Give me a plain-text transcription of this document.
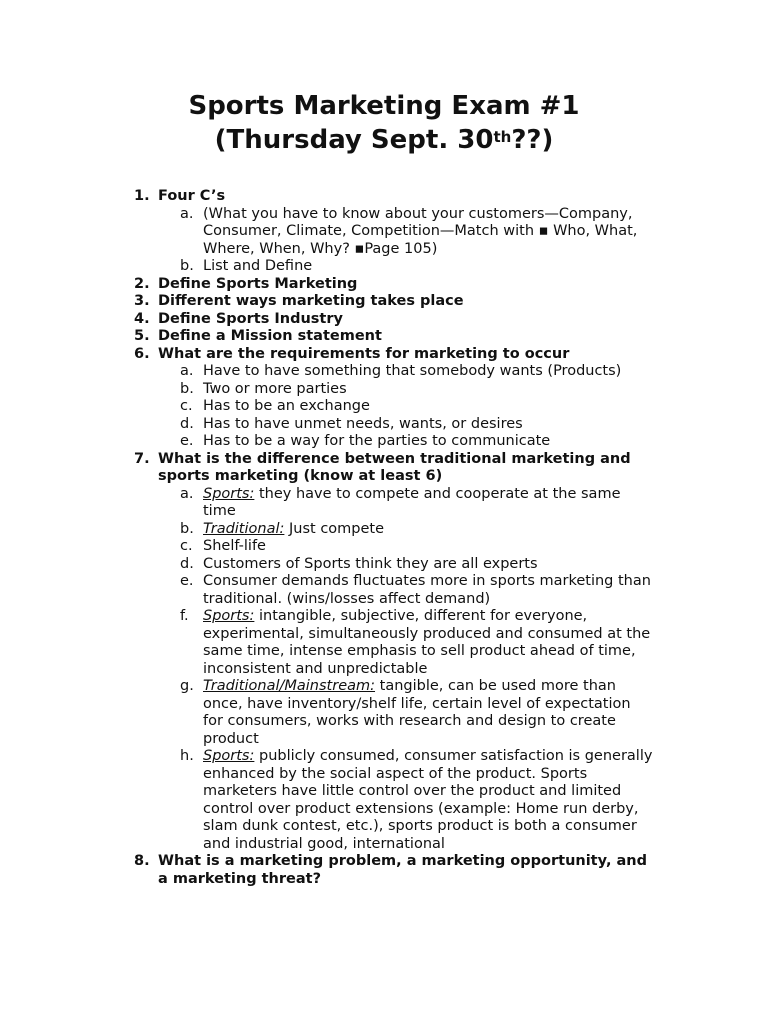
Sports Marketing Exam #1
(Thursday Sept. 30th??)
1. Four C’s
a. (What you have to know about your customers—Company, Consumer, Climate, Competition—Match with ▪ Who, What, Where, When, Why? ▪Page 105)
b. List and Define
2. Define Sports Marketing
3. Different ways marketing takes place
4. Define Sports Industry
5. Define a Mission statement
6. What are the requirements for marketing to occur
a. Have to have something that somebody wants (Products)
b. Two or more parties
c. Has to be an exchange
d. Has to have unmet needs, wants, or desires
e. Has to be a way for the parties to communicate
7. What is the difference between traditional marketing and sports marketing (know at least 6)
a. Sports: they have to compete and cooperate at the same time
b. Traditional: Just compete
c. Shelf-life
d. Customers of Sports think they are all experts
e. Consumer demands fluctuates more in sports marketing than traditional. (wins/losses affect demand)
f. Sports: intangible, subjective, different for everyone, experimental, simultaneously produced and consumed at the same time, intense emphasis to sell product ahead of time, inconsistent and unpredictable
g. Traditional/Mainstream: tangible, can be used more than once, have inventory/shelf life, certain level of expectation for consumers, works with research and design to create product
h. Sports: publicly consumed, consumer satisfaction is generally enhanced by the social aspect of the product. Sports marketers have little control over the product and limited control over product extensions (example: Home run derby, slam dunk contest, etc.), sports product is both a consumer and industrial good, international
8. What is a marketing problem, a marketing opportunity, and a marketing threat?
